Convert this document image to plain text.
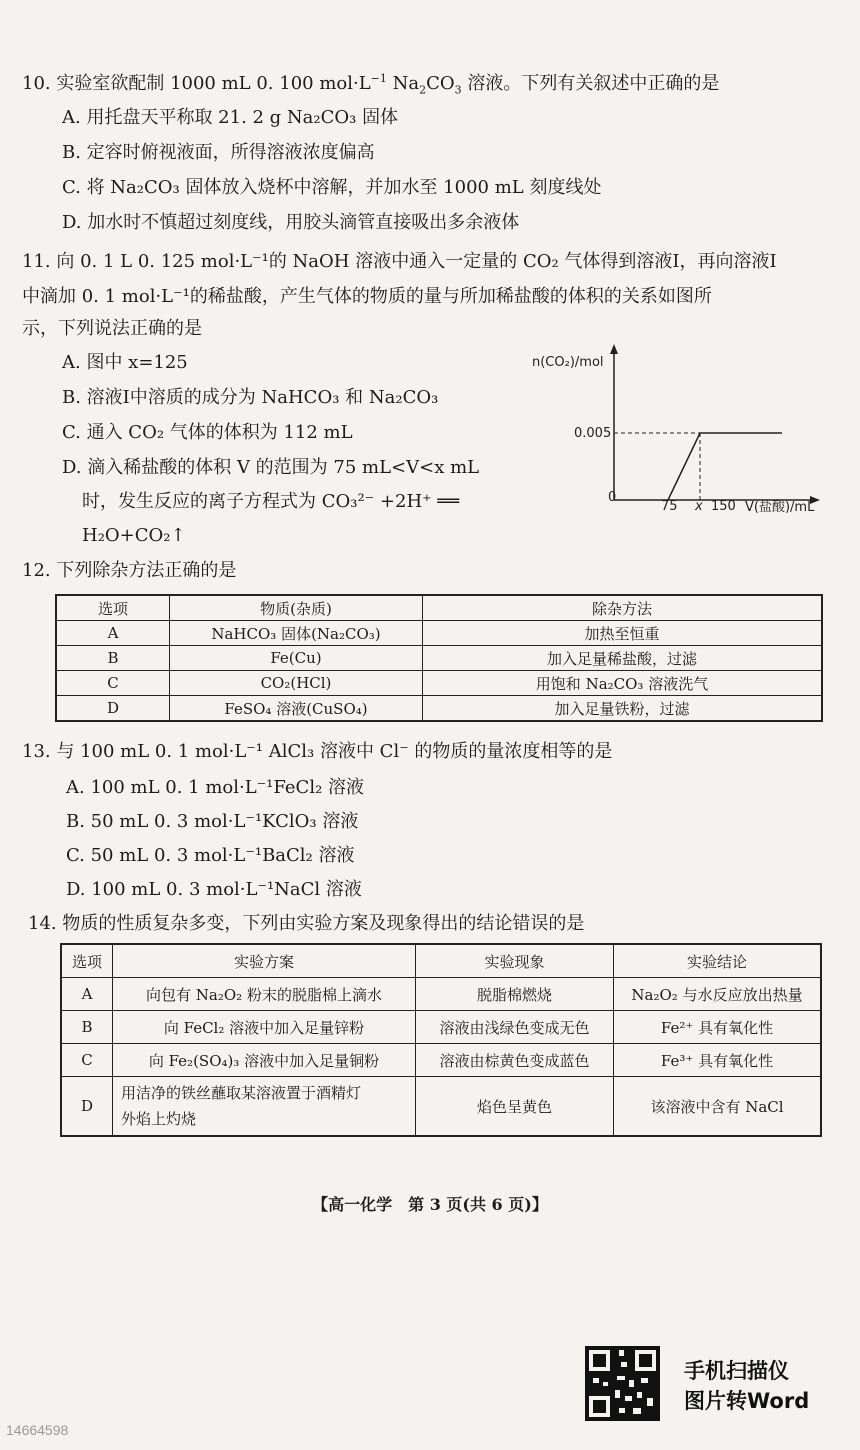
10. 实验室欲配制 1000 mL 0. 100 $mol\cdot L^{-1}$ $Na_2CO_3$ 溶液。下列有关叙述中正确的是
A. 用托盘天平称取 21. 2 g Na₂CO₃ 固体
B. 定容时俯视液面，所得溶液浓度偏高
C. 将 Na₂CO₃ 固体放入烧杯中溶解，并加水至 1000 mL 刻度线处
D. 加水时不慎超过刻度线，用胶头滴管直接吸出多余液体
11. 向 0. 1 L 0. 125 mol·L⁻¹的 NaOH 溶液中通入一定量的 CO₂ 气体得到溶液Ⅰ，再向溶液Ⅰ
中滴加 0. 1 mol·L⁻¹的稀盐酸，产生气体的物质的量与所加稀盐酸的体积的关系如图所
示，下列说法正确的是
A. 图中 x=125
B. 溶液Ⅰ中溶质的成分为 NaHCO₃ 和 Na₂CO₃
C. 通入 CO₂ 气体的体积为 112 mL
D. 滴入稀盐酸的体积 V 的范围为 75 mL<V<x mL
时，发生反应的离子方程式为 CO₃²⁻ +2H⁺ ══
H₂O+CO₂↑
n(CO₂)/mol
V(盐酸)/mL
0.005
0
75 x 150
12. 下列除杂方法正确的是
选项	物质(杂质)	除杂方法
A	NaHCO₃ 固体(Na₂CO₃)	加热至恒重
B	Fe(Cu)	加入足量稀盐酸，过滤
C	CO₂(HCl)	用饱和 Na₂CO₃ 溶液洗气
D	FeSO₄ 溶液(CuSO₄)	加入足量铁粉，过滤
13. 与 100 mL 0. 1 mol·L⁻¹ AlCl₃ 溶液中 Cl⁻ 的物质的量浓度相等的是
A. 100 mL 0. 1 mol·L⁻¹FeCl₂ 溶液
B. 50 mL 0. 3 mol·L⁻¹KClO₃ 溶液
C. 50 mL 0. 3 mol·L⁻¹BaCl₂ 溶液
D. 100 mL 0. 3 mol·L⁻¹NaCl 溶液
14. 物质的性质复杂多变，下列由实验方案及现象得出的结论错误的是
选项	实验方案	实验现象	实验结论
A	向包有 Na₂O₂ 粉末的脱脂棉上滴水	脱脂棉燃烧	Na₂O₂ 与水反应放出热量
B	向 FeCl₂ 溶液中加入足量锌粉	溶液由浅绿色变成无色	Fe²⁺ 具有氧化性
C	向 Fe₂(SO₄)₃ 溶液中加入足量铜粉	溶液由棕黄色变成蓝色	Fe³⁺ 具有氧化性
D	用洁净的铁丝蘸取某溶液置于酒精灯
外焰上灼烧	焰色呈黄色	该溶液中含有 NaCl
【高一化学　第 3 页(共 6 页)】
手机扫描仪
图片转Word
14664598
